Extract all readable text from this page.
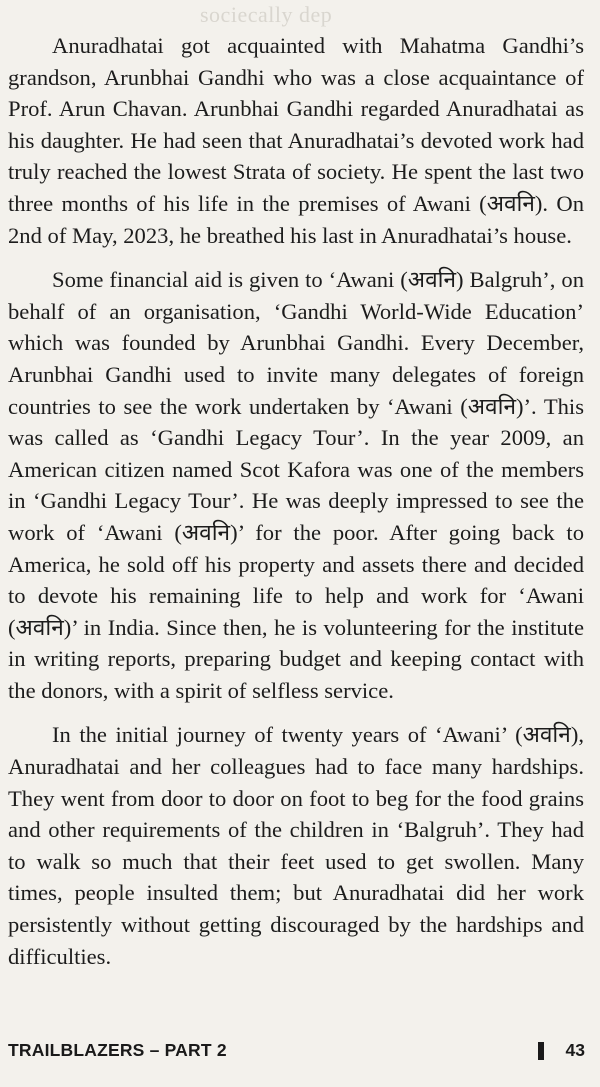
sociecally dep

Anuradhatai got acquainted with Mahatma Gandhi’s grandson, Arunbhai Gandhi who was a close acquaintance of Prof. Arun Chavan. Arunbhai Gandhi regarded Anuradhatai as his daughter. He had seen that Anuradhatai’s devoted work had truly reached the lowest Strata of society. He spent the last two three months of his life in the premises of Awani (अवनि). On 2nd of May, 2023, he breathed his last in Anuradhatai’s house.

Some financial aid is given to ‘Awani (अवनि) Balgruh’, on behalf of an organisation, ‘Gandhi World-Wide Education’ which was founded by Arunbhai Gandhi. Every December, Arunbhai Gandhi used to invite many delegates of foreign countries to see the work undertaken by ‘Awani (अवनि)’. This was called as ‘Gandhi Legacy Tour’. In the year 2009, an American citizen named Scot Kafora was one of the members in ‘Gandhi Legacy Tour’. He was deeply impressed to see the work of ‘Awani (अवनि)’ for the poor. After going back to America, he sold off his property and assets there and decided to devote his remaining life to help and work for ‘Awani (अवनि)’ in India. Since then, he is volunteering for the institute in writing reports, preparing budget and keeping contact with the donors, with a spirit of selfless service.

In the initial journey of twenty years of ‘Awani’ (अवनि), Anuradhatai and her colleagues had to face many hardships. They went from door to door on foot to beg for the food grains and other requirements of the children in ‘Balgruh’. They had to walk so much that their feet used to get swollen. Many times, people insulted them; but Anuradhatai did her work persistently without getting discouraged by the hardships and difficulties.

TRAILBLAZERS – PART 2	43
